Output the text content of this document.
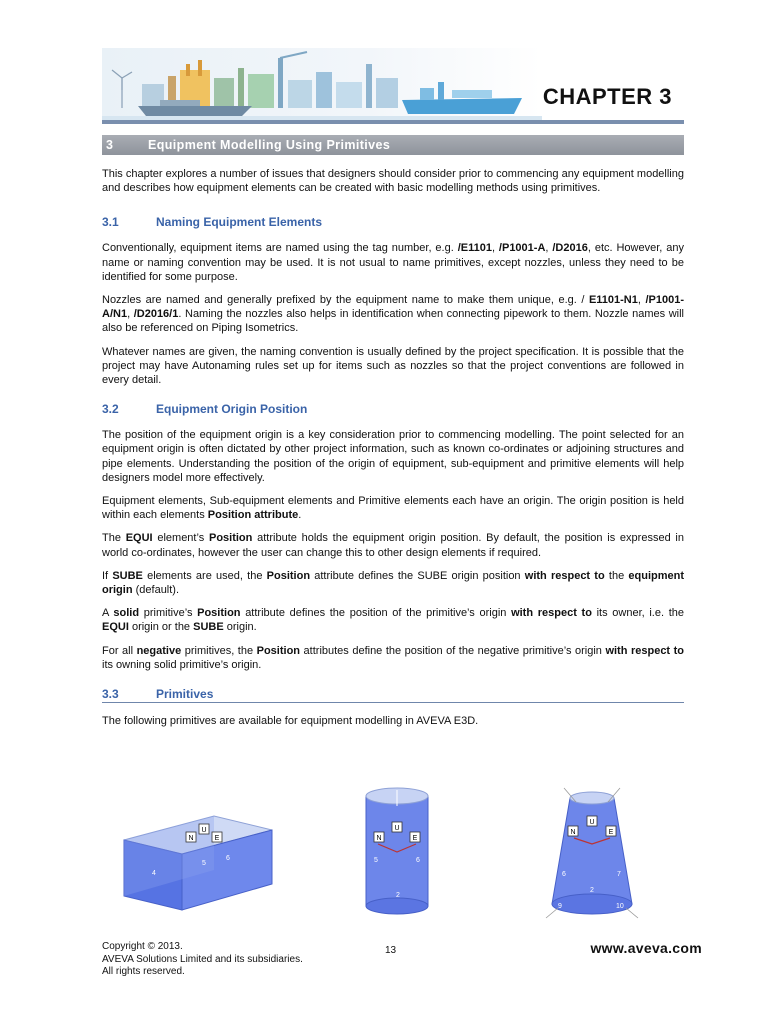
CHAPTER 3
3	Equipment Modelling Using Primitives

This chapter explores a number of issues that designers should consider prior to commencing any equipment modelling and describes how equipment elements can be created with basic modelling methods using primitives.

3.1	Naming Equipment Elements

Conventionally, equipment items are named using the tag number, e.g. /E1101, /P1001-A, /D2016, etc. However, any name or naming convention may be used. It is not usual to name primitives, except nozzles, unless they need to be identified for some purpose.

Nozzles are named and generally prefixed by the equipment name to make them unique, e.g. / E1101-N1, /P1001-A/N1, /D2016/1. Naming the nozzles also helps in identification when connecting pipework to them. Nozzle names will also be referenced on Piping Isometrics.

Whatever names are given, the naming convention is usually defined by the project specification. It is possible that the project may have Autonaming rules set up for items such as nozzles so that the project conventions are followed in every detail.

3.2	Equipment Origin Position

The position of the equipment origin is a key consideration prior to commencing modelling. The point selected for an equipment origin is often dictated by other project information, such as known co-ordinates or adjoining structures and pipe elements. Understanding the position of the origin of equipment, sub-equipment and primitive elements will help designers model more effectively.

Equipment elements, Sub-equipment elements and Primitive elements each have an origin. The origin position is held within each elements Position attribute.

The EQUI element’s Position attribute holds the equipment origin position. By default, the position is expressed in world co-ordinates, however the user can change this to other design elements if required.

If SUBE elements are used, the Position attribute defines the SUBE origin position with respect to the equipment origin (default).

A solid primitive’s Position attribute defines the position of the primitive’s origin with respect to its owner, i.e. the EQUI origin or the SUBE origin.

For all negative primitives, the Position attributes define the position of the negative primitive’s origin with respect to its owning solid primitive’s origin.

3.3	Primitives

The following primitives are available for equipment modelling in AVEVA E3D.

N
U
E
4
5
6
N
U
E
5	6
2
N
U
E
6	7
2
9	10
Copyright © 2013.
AVEVA Solutions Limited and its subsidiaries.
All rights reserved.
13	www.aveva.com
